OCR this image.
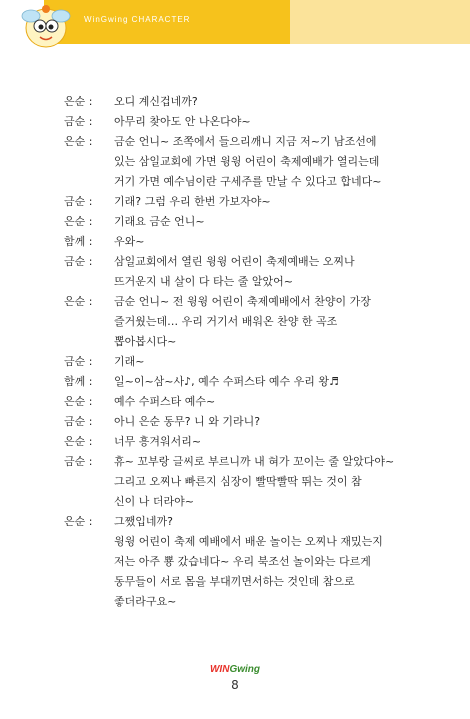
WinGwing CHARACTER
은순 :	오디 계신겁네까?
금순 :	아무리 찾아도 안 나온다야~
은순 :	금순 언니~ 조쪽에서 들으리깨니 지금 저~기 남조선에
있는 삼일교회에 가면 윙윙 어린이 축제예배가 열리는데
거기 가면 예수님이란 구세주를 만날 수 있다고 합네다~
금순 :	기래? 그럼 우리 한번 가보자야~
은순 :	기래요 금순 언니~
함께 :	우와~
금순 :	삼일교회에서 열린 윙윙 어린이 축제예배는 오찌나
뜨거운지 내 살이 다 타는 줄 알았어~
은순 :	금순 언니~ 전 윙윙 어린이 축제예배에서 찬양이 가장
즐거웠는데… 우리 거기서 배워온 찬양 한 곡조
뽑아봅시다~
금순 :	기래~
함께 :	일~이~삼~사♪, 예수 수퍼스타 예수 우리 왕♬
은순 :	예수 수퍼스타 예수~
금순 :	아니 은순 동무? 니 와 기라니?
은순 :	너무 흥겨워서리~
금순 :	휴~ 꼬부랑 글씨로 부르니까 내 혀가 꼬이는 줄 알았다야~
그리고 오찌나 빠른지 심장이 빨딱빨딱 뛰는 것이 참
신이 나 더라야~
은순 :	그쨌입네까?
윙윙 어린이 축제 예배에서 배운 놀이는 오찌나 재밌는지
저는 아주 뿅 갔습네다~ 우리 북조선 놀이와는 다르게
동무들이 서로 몸을 부대끼면서하는 것인데 참으로
좋더라구요~
WINGwing
8
